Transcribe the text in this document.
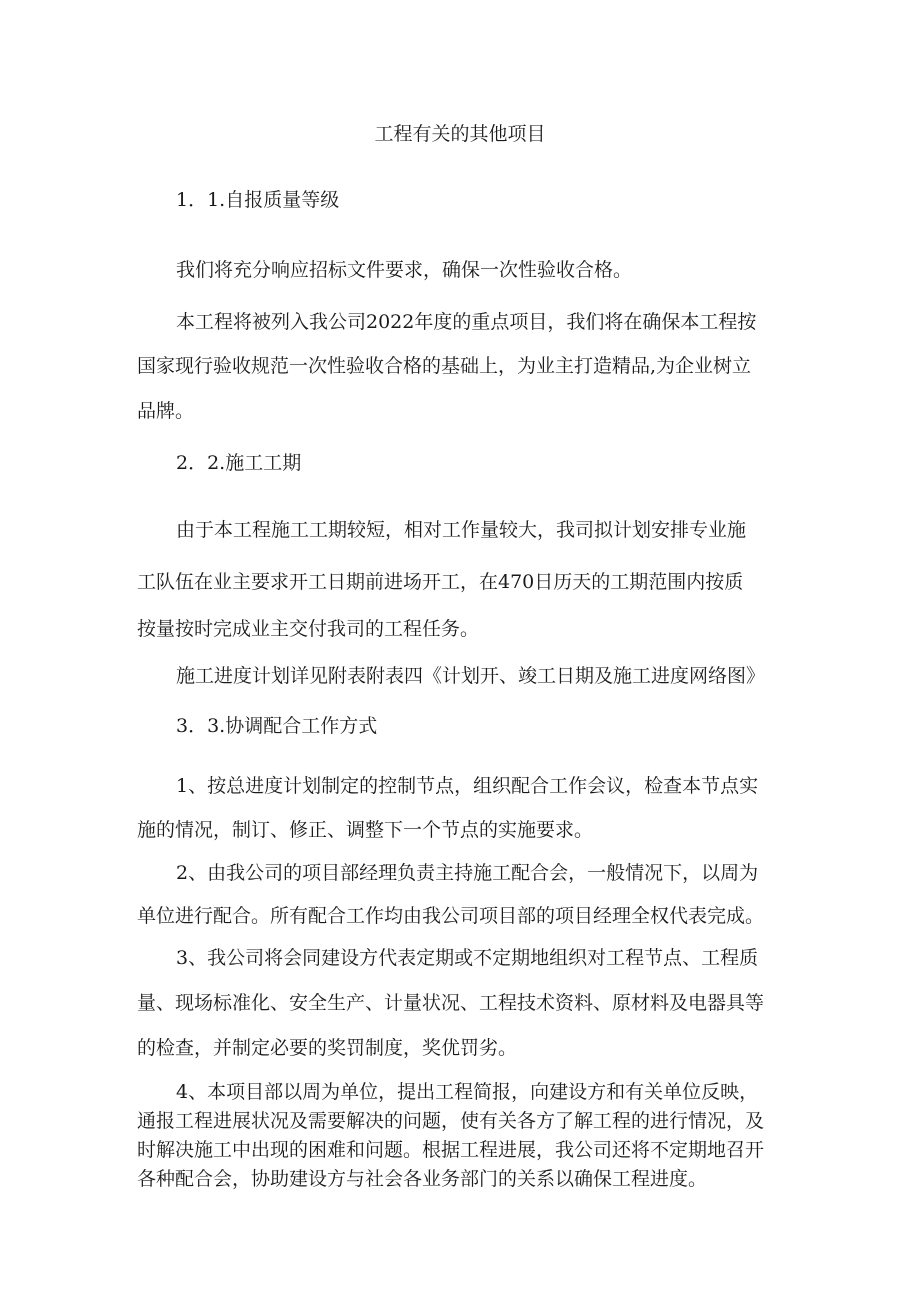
工程有关的其他项目

1．1.自报质量等级

我们将充分响应招标文件要求，确保一次性验收合格。

本工程将被列入我公司2022年度的重点项目，我们将在确保本工程按

国家现行验收规范一次性验收合格的基础上，为业主打造精品,为企业树立

品牌。

2．2.施工工期

由于本工程施工工期较短，相对工作量较大，我司拟计划安排专业施

工队伍在业主要求开工日期前进场开工，在470日历天的工期范围内按质

按量按时完成业主交付我司的工程任务。

施工进度计划详见附表附表四《计划开、竣工日期及施工进度网络图》

3．3.协调配合工作方式

1、按总进度计划制定的控制节点，组织配合工作会议，检查本节点实

施的情况，制订、修正、调整下一个节点的实施要求。

2、由我公司的项目部经理负责主持施工配合会，一般情况下，以周为

单位进行配合。所有配合工作均由我公司项目部的项目经理全权代表完成。

3、我公司将会同建设方代表定期或不定期地组织对工程节点、工程质

量、现场标准化、安全生产、计量状况、工程技术资料、原材料及电器具等

的检查，并制定必要的奖罚制度，奖优罚劣。

4、本项目部以周为单位，提出工程简报，向建设方和有关单位反映，

通报工程进展状况及需要解决的问题，使有关各方了解工程的进行情况，及

时解决施工中出现的困难和问题。根据工程进展，我公司还将不定期地召开

各种配合会，协助建设方与社会各业务部门的关系以确保工程进度。
